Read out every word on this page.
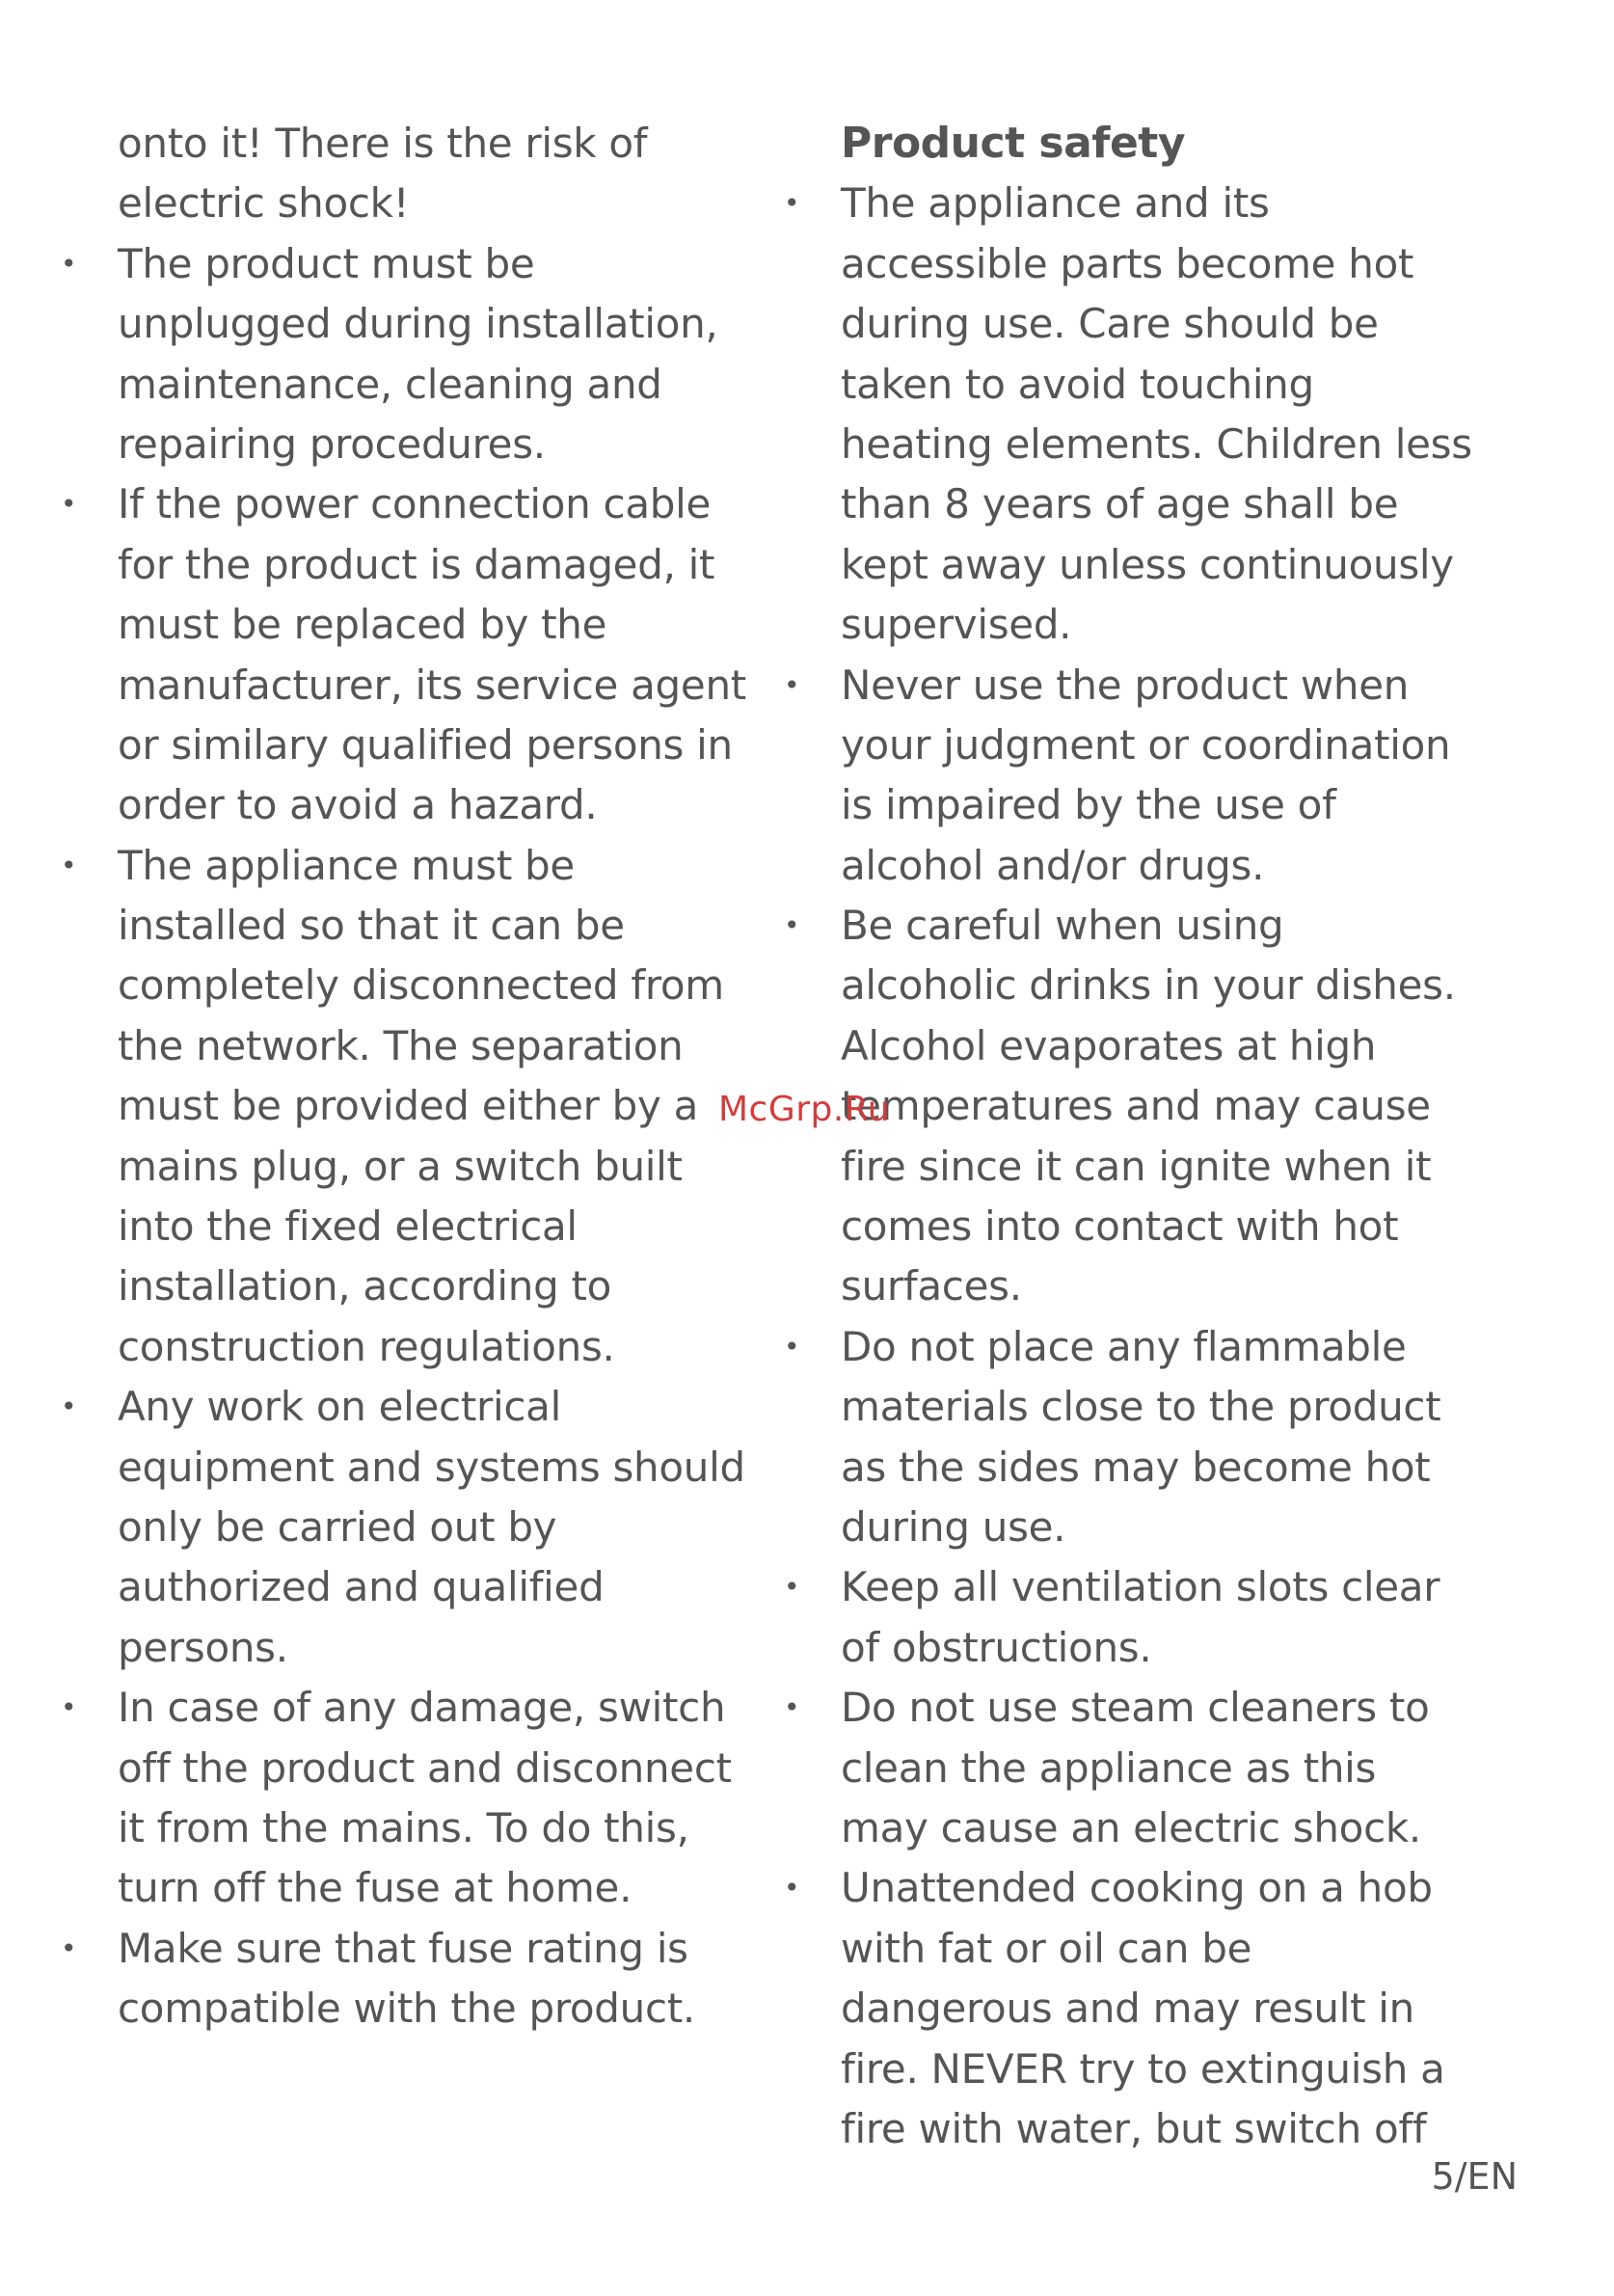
onto it! There is the risk of
electric shock!
•	The product must be
unplugged during installation,
maintenance, cleaning and
repairing procedures.
•	If the power connection cable
for the product is damaged, it
must be replaced by the
manufacturer, its service agent
or similary qualified persons in
order to avoid a hazard.
•	The appliance must be
installed so that it can be
completely disconnected from
the network. The separation
must be provided either by a
mains plug, or a switch built
into the fixed electrical
installation, according to
construction regulations.
•	Any work on electrical
equipment and systems should
only be carried out by
authorized and qualified
persons.
•	In case of any damage, switch
off the product and disconnect
it from the mains. To do this,
turn off the fuse at home.
•	Make sure that fuse rating is
compatible with the product.
Product safety
•	The appliance and its
accessible parts become hot
during use. Care should be
taken to avoid touching
heating elements. Children less
than 8 years of age shall be
kept away unless continuously
supervised.
•	Never use the product when
your judgment or coordination
is impaired by the use of
alcohol and/or drugs.
•	Be careful when using
alcoholic drinks in your dishes.
Alcohol evaporates at high
temperatures and may cause
fire since it can ignite when it
comes into contact with hot
surfaces.
•	Do not place any flammable
materials close to the product
as the sides may become hot
during use.
•	Keep all ventilation slots clear
of obstructions.
•	Do not use steam cleaners to
clean the appliance as this
may cause an electric shock.
•	Unattended cooking on a hob
with fat or oil can be
dangerous and may result in
fire. NEVER try to extinguish a
fire with water, but switch off
McGrp.Ru
5/EN
